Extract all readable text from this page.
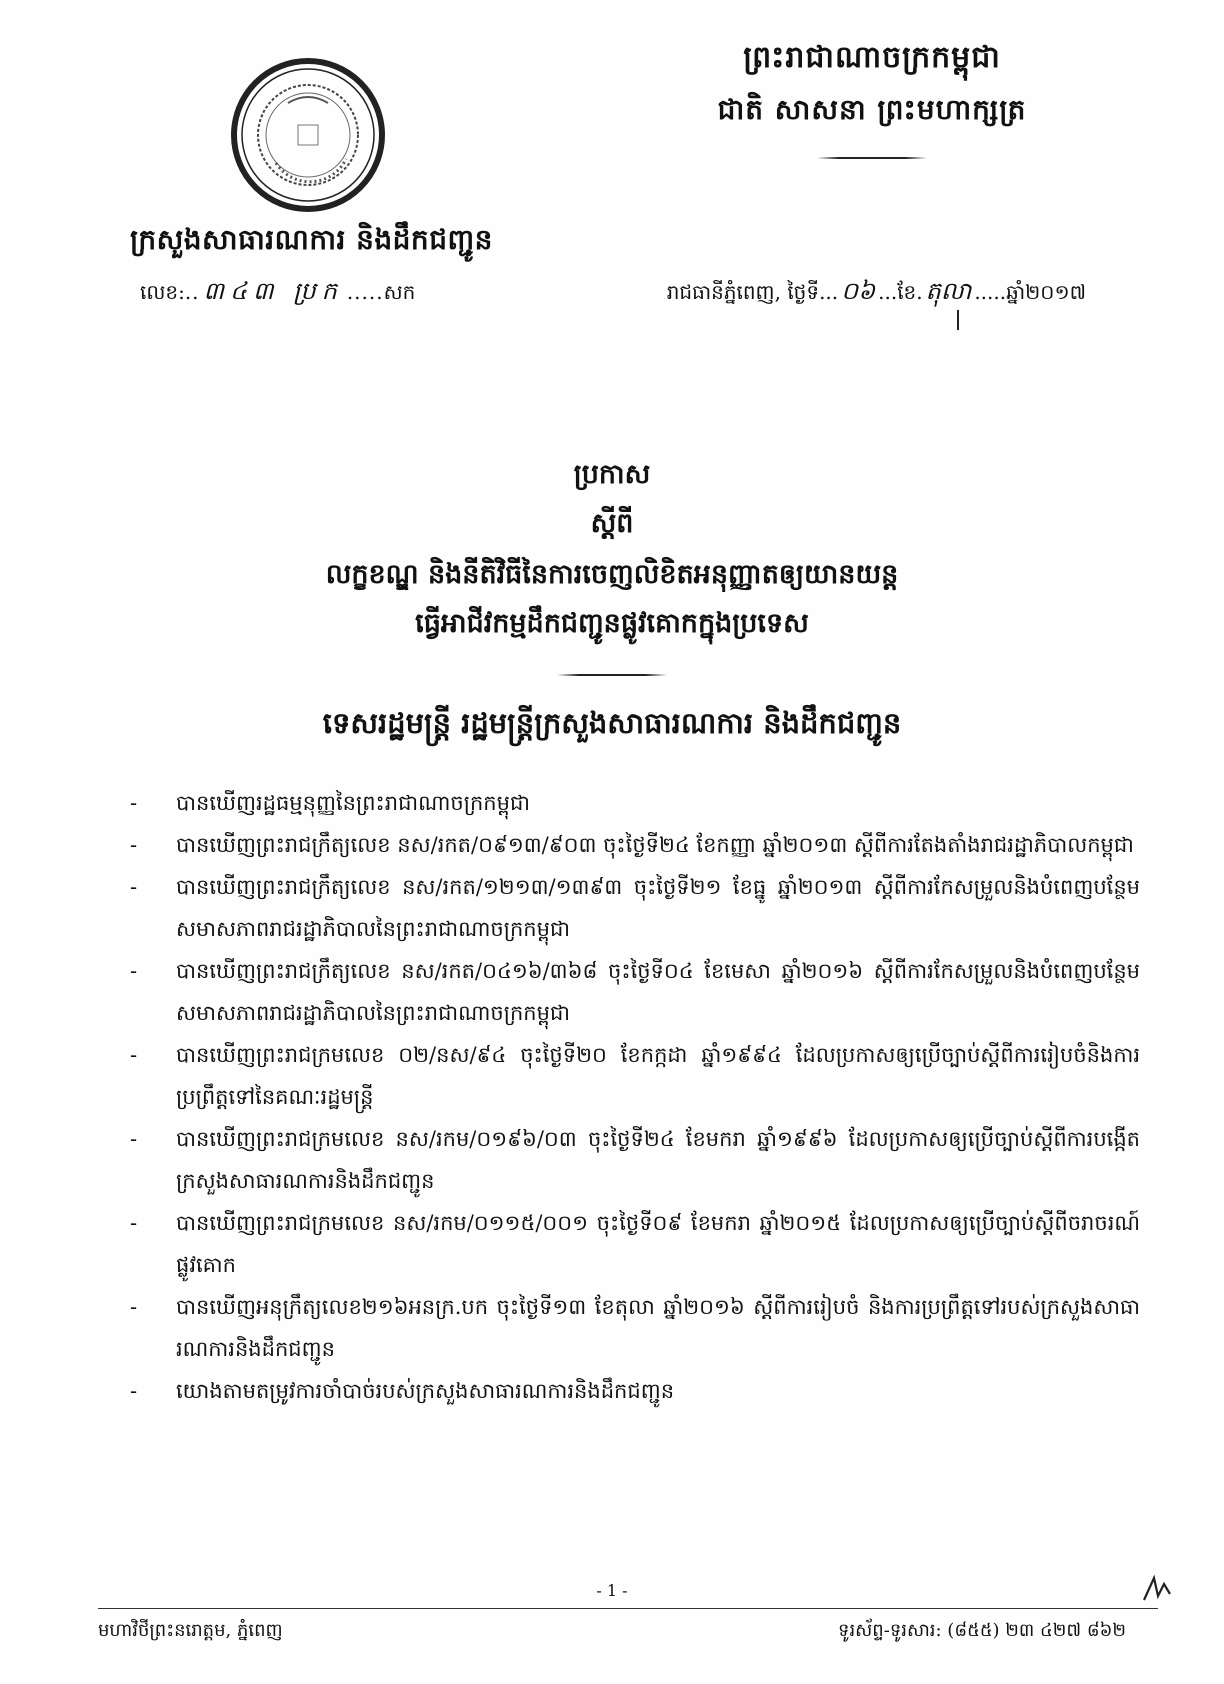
ព្រះរាជាណាចក្រកម្ពុជា
ជាតិ សាសនា ព្រះមហាក្សត្រ
ក្រសួងសាធារណការ និងដឹកជញ្ជូន
លេខ:.. ៣៤៣ ប្រក .....សក	រាជធានីភ្នំពេញ, ថ្ងៃទី... ០៦ ...ខែ. តុលា .....ឆ្នាំ២០១៧
ប្រកាស
ស្តីពី
លក្ខខណ្ឌ និងនីតិវិធីនៃការចេញលិខិតអនុញ្ញាតឲ្យយានយន្ត
ធ្វើអាជីវកម្មដឹកជញ្ជូនផ្លូវគោកក្នុងប្រទេស
ទេសរដ្ឋមន្ត្រី រដ្ឋមន្ត្រីក្រសួងសាធារណការ និងដឹកជញ្ជូន
- បានឃើញរដ្ឋធម្មនុញ្ញនៃព្រះរាជាណាចក្រកម្ពុជា
- បានឃើញព្រះរាជក្រឹត្យលេខ នស/រកត/០៩១៣/៩០៣ ចុះថ្ងៃទី២៤ ខែកញ្ញា ឆ្នាំ២០១៣ ស្តីពីការតែងតាំងរាជរដ្ឋាភិបាលកម្ពុជា
- បានឃើញព្រះរាជក្រឹត្យលេខ នស/រកត/១២១៣/១៣៩៣ ចុះថ្ងៃទី២១ ខែធ្នូ ឆ្នាំ២០១៣ ស្តីពីការកែសម្រួលនិងបំពេញបន្ថែមសមាសភាពរាជរដ្ឋាភិបាលនៃព្រះរាជាណាចក្រកម្ពុជា
- បានឃើញព្រះរាជក្រឹត្យលេខ នស/រកត/០៤១៦/៣៦៨ ចុះថ្ងៃទី០៤ ខែមេសា ឆ្នាំ២០១៦ ស្តីពីការកែសម្រួលនិងបំពេញបន្ថែមសមាសភាពរាជរដ្ឋាភិបាលនៃព្រះរាជាណាចក្រកម្ពុជា
- បានឃើញព្រះរាជក្រមលេខ ០២/នស/៩៤ ចុះថ្ងៃទី២០ ខែកក្កដា ឆ្នាំ១៩៩៤ ដែលប្រកាសឲ្យប្រើច្បាប់ស្តីពីការរៀបចំនិងការប្រព្រឹត្តទៅនៃគណៈរដ្ឋមន្ត្រី
- បានឃើញព្រះរាជក្រមលេខ នស/រកម/០១៩៦/០៣ ចុះថ្ងៃទី២៤ ខែមករា ឆ្នាំ១៩៩៦ ដែលប្រកាសឲ្យប្រើច្បាប់ស្តីពីការបង្កើតក្រសួងសាធារណការនិងដឹកជញ្ជូន
- បានឃើញព្រះរាជក្រមលេខ នស/រកម/០១១៥/០០១ ចុះថ្ងៃទី០៩ ខែមករា ឆ្នាំ២០១៥ ដែលប្រកាសឲ្យប្រើច្បាប់ស្តីពីចរាចរណ៍ផ្លូវគោក
- បានឃើញអនុក្រឹត្យលេខ២១៦អនក្រ.បក ចុះថ្ងៃទី១៣ ខែតុលា ឆ្នាំ២០១៦ ស្តីពីការរៀបចំ និងការប្រព្រឹត្តទៅរបស់ក្រសួងសាធារណការនិងដឹកជញ្ជូន
- យោងតាមតម្រូវការចាំបាច់របស់ក្រសួងសាធារណការនិងដឹកជញ្ជូន
- 1 -
មហាវិថីព្រះនរោត្តម, ភ្នំពេញ	ទូរស័ព្ទ-ទូរសារ: (៨៥៥) ២៣ ៤២៧ ៨៦២
